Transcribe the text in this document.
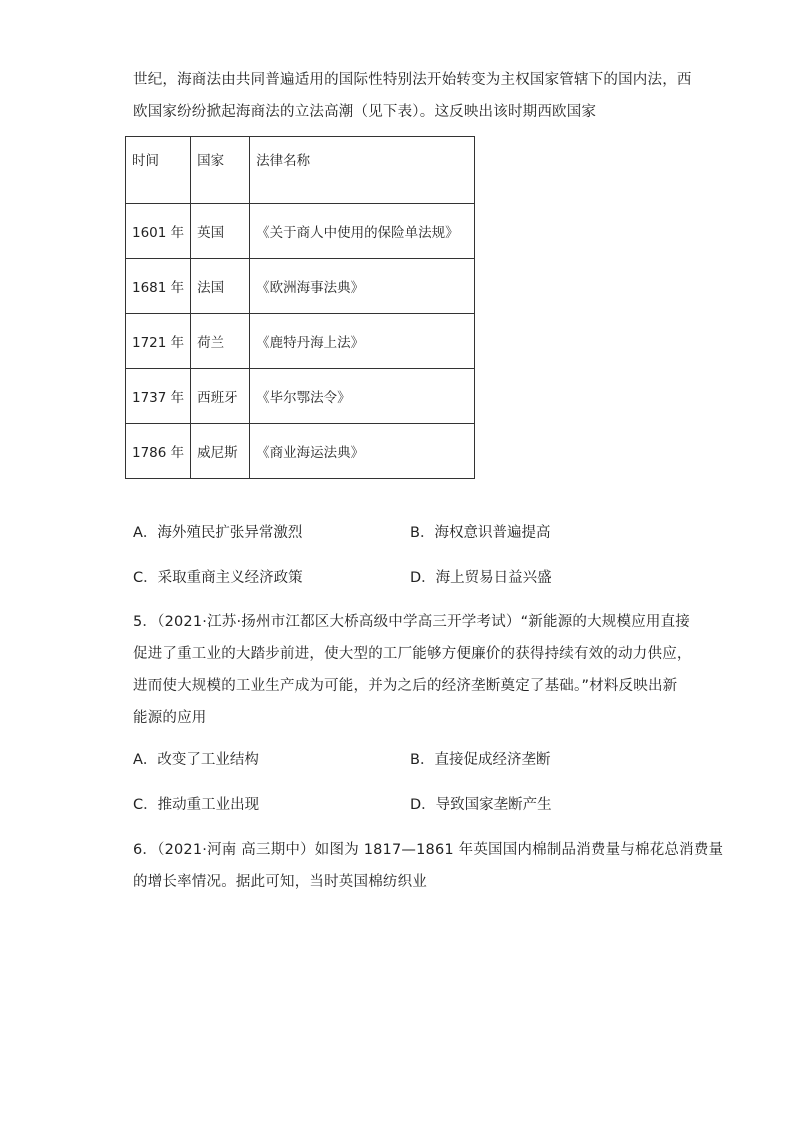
世纪，海商法由共同普遍适用的国际性特别法开始转变为主权国家管辖下的国内法，西
欧国家纷纷掀起海商法的立法高潮（见下表）。这反映出该时期西欧国家
时间	国家	法律名称
1601 年	英国	《关于商人中使用的保险单法规》
1681 年	法国	《欧洲海事法典》
1721 年	荷兰	《鹿特丹海上法》
1737 年	西班牙	《毕尔鄂法令》
1786 年	威尼斯	《商业海运法典》
A．海外殖民扩张异常激烈	B．海权意识普遍提高
C．采取重商主义经济政策	D．海上贸易日益兴盛
5．（2021·江苏·扬州市江都区大桥高级中学高三开学考试）“新能源的大规模应用直接
促进了重工业的大踏步前进，使大型的工厂能够方便廉价的获得持续有效的动力供应，
进而使大规模的工业生产成为可能，并为之后的经济垄断奠定了基础。”材料反映出新
能源的应用
A．改变了工业结构	B．直接促成经济垄断
C．推动重工业出现	D．导致国家垄断产生
6．（2021·河南 高三期中）如图为 1817—1861 年英国国内棉制品消费量与棉花总消费量
的增长率情况。据此可知，当时英国棉纺织业
